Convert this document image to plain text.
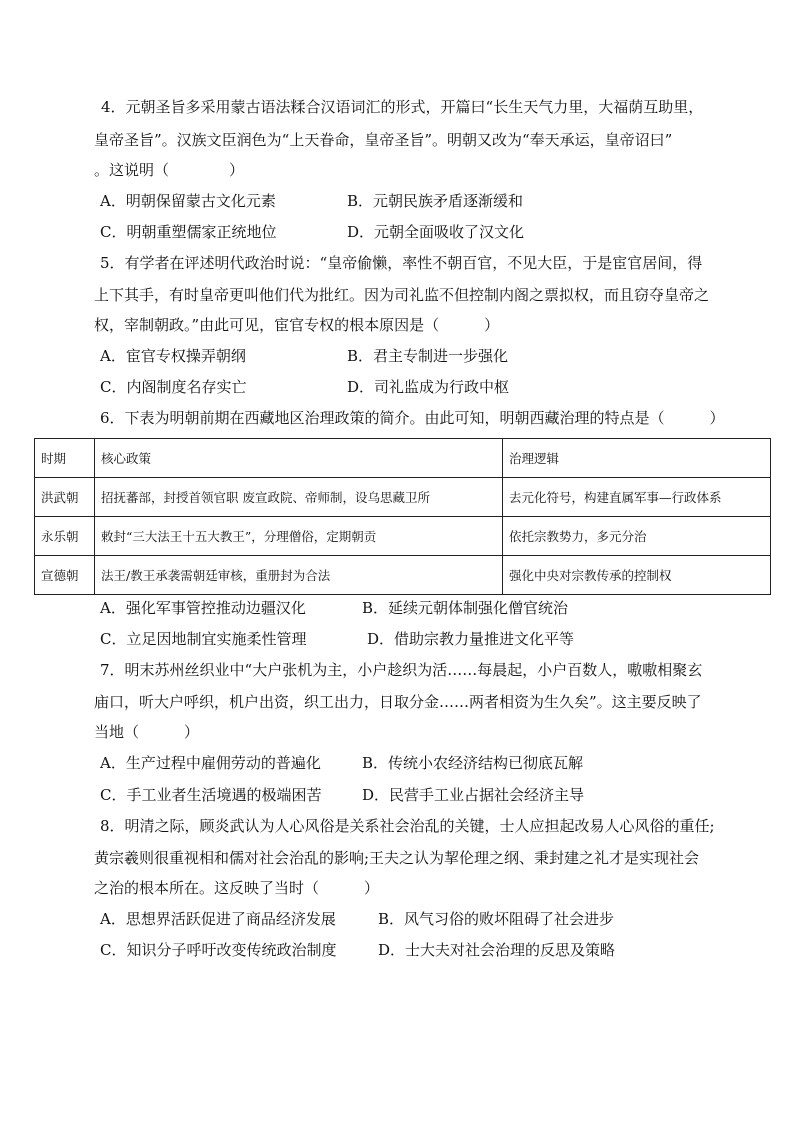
4．元朝圣旨多采用蒙古语法糅合汉语词汇的形式，开篇曰“长生天气力里，大福荫互助里，
皇帝圣旨”。汉族文臣润色为“上天眷命，皇帝圣旨”。明朝又改为“奉天承运，皇帝诏曰”
。这说明（　　　　）
A．明朝保留蒙古文化元素	B．元朝民族矛盾逐渐缓和
C．明朝重塑儒家正统地位	D．元朝全面吸收了汉文化
5．有学者在评述明代政治时说：“皇帝偷懒，率性不朝百官，不见大臣，于是宦官居间，得
上下其手，有时皇帝更叫他们代为批红。因为司礼监不但控制内阁之票拟权，而且窃夺皇帝之
权，宰制朝政。”由此可见，宦官专权的根本原因是（　　　）
A．宦官专权操弄朝纲	B．君主专制进一步强化
C．内阁制度名存实亡	D．司礼监成为行政中枢
6．下表为明朝前期在西藏地区治理政策的简介。由此可知，明朝西藏治理的特点是（　　　）
时期	核心政策	治理逻辑
洪武朝	招抚蕃部，封授首领官职 废宣政院、帝师制，设乌思藏卫所	去元化符号，构建直属军事—行政体系
永乐朝	敕封“三大法王十五大教王”，分理僧俗，定期朝贡	依托宗教势力，多元分治
宣德朝	法王/教王承袭需朝廷审核，重册封为合法	强化中央对宗教传承的控制权
A．强化军事管控推动边疆汉化	B．延续元朝体制强化僧官统治
C．立足因地制宜实施柔性管理	D．借助宗教力量推进文化平等
7．明末苏州丝织业中“大户张机为主，小户趁织为活……每晨起，小户百数人，嗷嗷相聚玄
庙口，听大户呼织，机户出资，织工出力，日取分金……两者相资为生久矣”。这主要反映了
当地（　　　）
A．生产过程中雇佣劳动的普遍化	B．传统小农经济结构已彻底瓦解
C．手工业者生活境遇的极端困苦	D．民营手工业占据社会经济主导
8．明清之际，顾炎武认为人心风俗是关系社会治乱的关键，士人应担起改易人心风俗的重任;
黄宗羲则很重视相和儒对社会治乱的影响;王夫之认为挈伦理之纲、秉封建之礼才是实现社会
之治的根本所在。这反映了当时（　　　）
A．思想界活跃促进了商品经济发展	B．风气习俗的败坏阻碍了社会进步
C．知识分子呼吁改变传统政治制度	D．士大夫对社会治理的反思及策略
